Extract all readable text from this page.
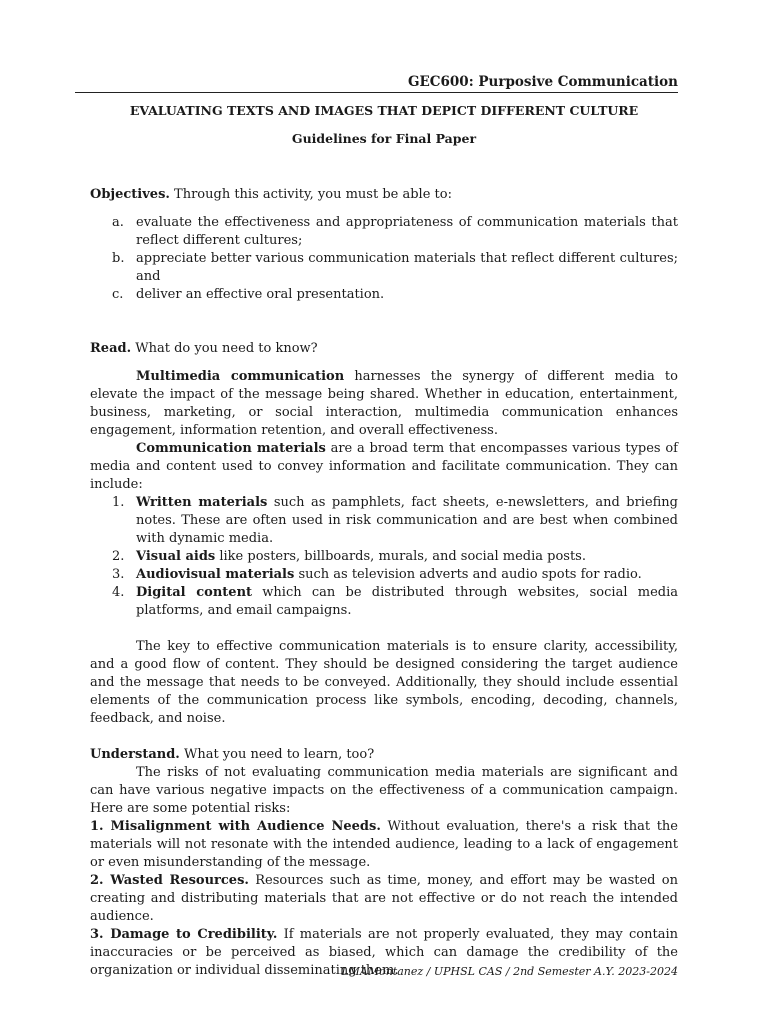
GEC600: Purposive Communication
EVALUATING TEXTS AND IMAGES THAT DEPICT DIFFERENT CULTURE
Guidelines for Final Paper

Objectives. Through this activity, you must be able to:

a. evaluate the effectiveness and appropriateness of communication materials that reflect different cultures;
b. appreciate better various communication materials that reflect different cultures; and
c. deliver an effective oral presentation.

Read. What do you need to know?

Multimedia communication harnesses the synergy of different media to elevate the impact of the message being shared. Whether in education, entertainment, business, marketing, or social interaction, multimedia communication enhances engagement, information retention, and overall effectiveness.

Communication materials are a broad term that encompasses various types of media and content used to convey information and facilitate communication. They can include:

1. Written materials such as pamphlets, fact sheets, e-newsletters, and briefing notes. These are often used in risk communication and are best when combined with dynamic media.
2. Visual aids like posters, billboards, murals, and social media posts.
3. Audiovisual materials such as television adverts and audio spots for radio.
4. Digital content which can be distributed through websites, social media platforms, and email campaigns.

The key to effective communication materials is to ensure clarity, accessibility, and a good flow of content. They should be designed considering the target audience and the message that needs to be conveyed. Additionally, they should include essential elements of the communication process like symbols, encoding, decoding, channels, feedback, and noise.

Understand. What you need to learn, too?

The risks of not evaluating communication media materials are significant and can have various negative impacts on the effectiveness of a communication campaign. Here are some potential risks:

1. Misalignment with Audience Needs. Without evaluation, there's a risk that the materials will not resonate with the intended audience, leading to a lack of engagement or even misunderstanding of the message.

2. Wasted Resources. Resources such as time, money, and effort may be wasted on creating and distributing materials that are not effective or do not reach the intended audience.

3. Damage to Credibility. If materials are not properly evaluated, they may contain inaccuracies or be perceived as biased, which can damage the credibility of the organization or individual disseminating them.

LMAMontanez / UPHSL CAS / 2nd Semester A.Y. 2023-2024
